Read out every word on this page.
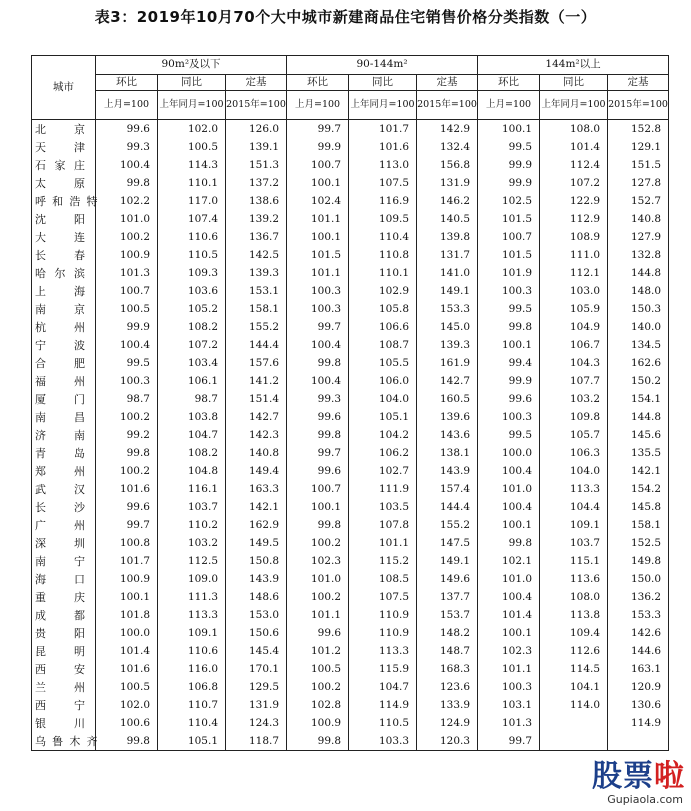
表3：2019年10月70个大中城市新建商品住宅销售价格分类指数（一）
城市	90m²及以下			90-144m²			144m²以上		
	环比	同比	定基	环比	同比	定基	环比	同比	定基
	上月=100	上年同月=100	2015年=100	上月=100	上年同月=100	2015年=100	上月=100	上年同月=100	2015年=100

北 京	99.6	102.0	126.0	99.7	101.7	142.9	100.1	108.0	152.8

天 津	99.3	100.5	139.1	99.9	101.6	132.4	99.5	101.4	129.1

石 家 庄	100.4	114.3	151.3	100.7	113.0	156.8	99.9	112.4	151.5

太 原	99.8	110.1	137.2	100.1	107.5	131.9	99.9	107.2	127.8

呼 和 浩 特	102.2	117.0	138.6	102.4	116.9	146.2	102.5	122.9	152.7

沈 阳	101.0	107.4	139.2	101.1	109.5	140.5	101.5	112.9	140.8

大 连	100.2	110.6	136.7	100.1	110.4	139.8	100.7	108.9	127.9

长 春	100.9	110.5	142.5	101.5	110.8	131.7	101.5	111.0	132.8

哈 尔 滨	101.3	109.3	139.3	101.1	110.1	141.0	101.9	112.1	144.8

上 海	100.7	103.6	153.1	100.3	102.9	149.1	100.3	103.0	148.0

南 京	100.5	105.2	158.1	100.3	105.8	153.3	99.5	105.9	150.3

杭 州	99.9	108.2	155.2	99.7	106.6	145.0	99.8	104.9	140.0

宁 波	100.4	107.2	144.4	100.4	108.7	139.3	100.1	106.7	134.5

合 肥	99.5	103.4	157.6	99.8	105.5	161.9	99.4	104.3	162.6

福 州	100.3	106.1	141.2	100.4	106.0	142.7	99.9	107.7	150.2

厦 门	98.7	98.7	151.4	99.3	104.0	160.5	99.6	103.2	154.1

南 昌	100.2	103.8	142.7	99.6	105.1	139.6	100.3	109.8	144.8

济 南	99.2	104.7	142.3	99.8	104.2	143.6	99.5	105.7	145.6

青 岛	99.8	108.2	140.8	99.7	106.2	138.1	100.0	106.3	135.5

郑 州	100.2	104.8	149.4	99.6	102.7	143.9	100.4	104.0	142.1

武 汉	101.6	116.1	163.3	100.7	111.9	157.4	101.0	113.3	154.2

长 沙	99.6	103.7	142.1	100.1	103.5	144.4	100.4	104.4	145.8

广 州	99.7	110.2	162.9	99.8	107.8	155.2	100.1	109.1	158.1

深 圳	100.8	103.2	149.5	100.2	101.1	147.5	99.8	103.7	152.5

南 宁	101.7	112.5	150.8	102.3	115.2	149.1	102.1	115.1	149.8

海 口	100.9	109.0	143.9	101.0	108.5	149.6	101.0	113.6	150.0

重 庆	100.1	111.3	148.6	100.2	107.5	137.7	100.4	108.0	136.2

成 都	101.8	113.3	153.0	101.1	110.9	153.7	101.4	113.8	153.3

贵 阳	100.0	109.1	150.6	99.6	110.9	148.2	100.1	109.4	142.6

昆 明	101.4	110.6	145.4	101.2	113.3	148.7	102.3	112.6	144.6

西 安	101.6	116.0	170.1	100.5	115.9	168.3	101.1	114.5	163.1

兰 州	100.5	106.8	129.5	100.2	104.7	123.6	100.3	104.1	120.9

西 宁	102.0	110.7	131.9	102.8	114.9	133.9	103.1	114.0	130.6

银 川	100.6	110.4	124.3	100.9	110.5	124.9	101.3		114.9

乌 鲁 木 齐	99.8	105.1	118.7	99.8	103.3	120.3	99.7		
股票啦
Gupiaola.com
